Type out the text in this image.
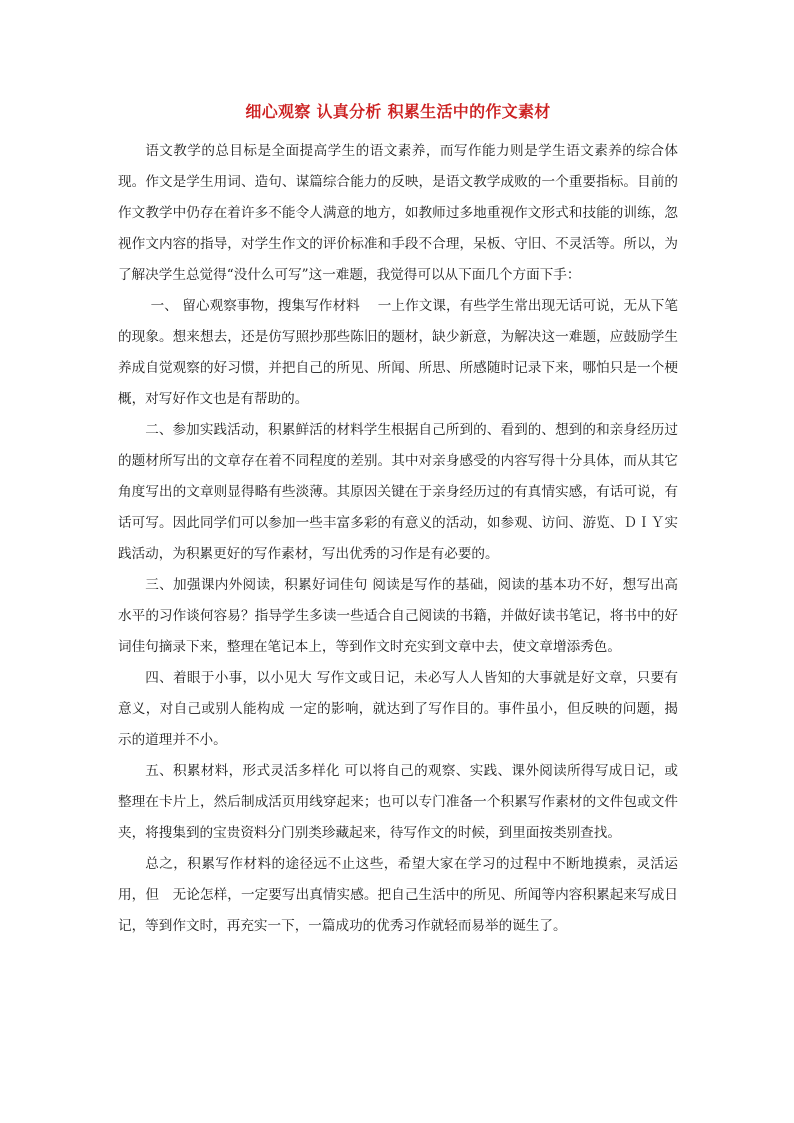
细心观察 认真分析 积累生活中的作文素材

语文教学的总目标是全面提高学生的语文素养，而写作能力则是学生语文素养的综合体现。作文是学生用词、造句、谋篇综合能力的反映，是语文教学成败的一个重要指标。目前的作文教学中仍存在着许多不能令人满意的地方，如教师过多地重视作文形式和技能的训练，忽视作文内容的指导，对学生作文的评价标准和手段不合理，呆板、守旧、不灵活等。所以，为了解决学生总觉得“没什么可写”这一难题，我觉得可以从下面几个方面下手：

一、 留心观察事物，搜集写作材料　 一上作文课，有些学生常出现无话可说，无从下笔的现象。想来想去，还是仿写照抄那些陈旧的题材，缺少新意，为解决这一难题，应鼓励学生养成自觉观察的好习惯，并把自己的所见、所闻、所思、所感随时记录下来，哪怕只是一个梗概，对写好作文也是有帮助的。

二、参加实践活动，积累鲜活的材料学生根据自己所到的、看到的、想到的和亲身经历过的题材所写出的文章存在着不同程度的差别。其中对亲身感受的内容写得十分具体，而从其它角度写出的文章则显得略有些淡薄。其原因关键在于亲身经历过的有真情实感，有话可说，有话可写。因此同学们可以参加一些丰富多彩的有意义的活动，如参观、访问、游览、ＤＩＹ实践活动，为积累更好的写作素材，写出优秀的习作是有必要的。

三、加强课内外阅读，积累好词佳句 阅读是写作的基础，阅读的基本功不好，想写出高水平的习作谈何容易？指导学生多读一些适合自己阅读的书籍，并做好读书笔记，将书中的好词佳句摘录下来，整理在笔记本上，等到作文时充实到文章中去，使文章增添秀色。

四、着眼于小事，以小见大 写作文或日记，未必写人人皆知的大事就是好文章，只要有意义，对自己或别人能构成 一定的影响，就达到了写作目的。事件虽小，但反映的问题，揭示的道理并不小。

五、积累材料，形式灵活多样化 可以将自己的观察、实践、课外阅读所得写成日记，或整理在卡片上，然后制成活页用线穿起来；也可以专门准备一个积累写作素材的文件包或文件夹，将搜集到的宝贵资料分门别类珍藏起来，待写作文的时候，到里面按类别查找。

总之，积累写作材料的途径远不止这些，希望大家在学习的过程中不断地摸索，灵活运用，但　无论怎样，一定要写出真情实感。把自己生活中的所见、所闻等内容积累起来写成日记，等到作文时，再充实一下，一篇成功的优秀习作就轻而易举的诞生了。
